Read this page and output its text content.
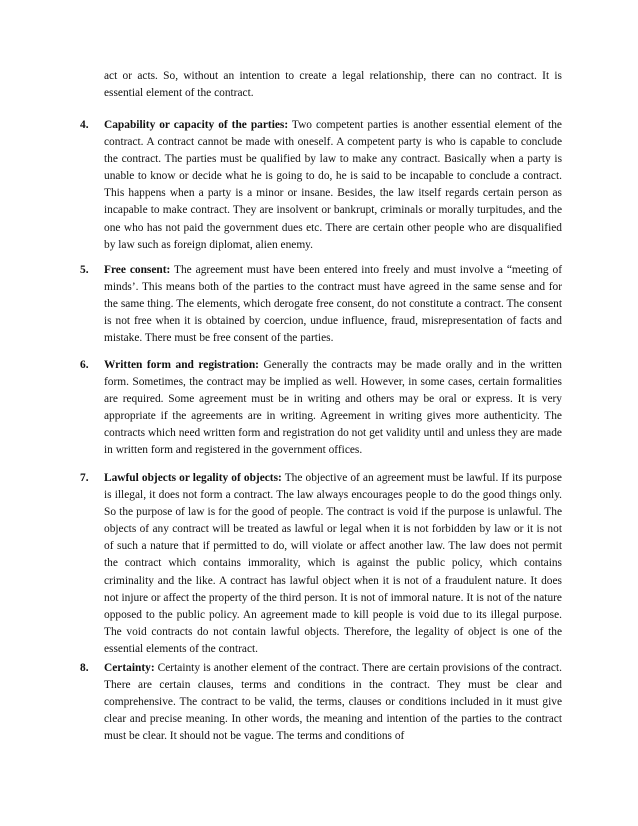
act or acts. So, without an intention to create a legal relationship, there can no contract. It is essential element of the contract.
4.	Capability or capacity of the parties: Two competent parties is another essential element of the contract. A contract cannot be made with oneself. A competent party is who is capable to conclude the contract. The parties must be qualified by law to make any contract. Basically when a party is unable to know or decide what he is going to do, he is said to be incapable to conclude a contract. This happens when a party is a minor or insane. Besides, the law itself regards certain person as incapable to make contract. They are insolvent or bankrupt, criminals or morally turpitudes, and the one who has not paid the government dues etc. There are certain other people who are disqualified by law such as foreign diplomat, alien enemy.
5.	Free consent: The agreement must have been entered into freely and must involve a “meeting of minds’. This means both of the parties to the contract must have agreed in the same sense and for the same thing. The elements, which derogate free consent, do not constitute a contract. The consent is not free when it is obtained by coercion, undue influence, fraud, misrepresentation of facts and mistake. There must be free consent of the parties.
6.	Written form and registration: Generally the contracts may be made orally and in the written form. Sometimes, the contract may be implied as well. However, in some cases, certain formalities are required. Some agreement must be in writing and others may be oral or express. It is very appropriate if the agreements are in writing. Agreement in writing gives more authenticity. The contracts which need written form and registration do not get validity until and unless they are made in written form and registered in the government offices.
7.	Lawful objects or legality of objects: The objective of an agreement must be lawful. If its purpose is illegal, it does not form a contract. The law always encourages people to do the good things only. So the purpose of law is for the good of people. The contract is void if the purpose is unlawful. The objects of any contract will be treated as lawful or legal when it is not forbidden by law or it is not of such a nature that if permitted to do, will violate or affect another law. The law does not permit the contract which contains immorality, which is against the public policy, which contains criminality and the like. A contract has lawful object when it is not of a fraudulent nature. It does not injure or affect the property of the third person. It is not of immoral nature. It is not of the nature opposed to the public policy. An agreement made to kill people is void due to its illegal purpose. The void contracts do not contain lawful objects. Therefore, the legality of object is one of the essential elements of the contract.
8.	Certainty: Certainty is another element of the contract. There are certain provisions of the contract. There are certain clauses, terms and conditions in the contract. They must be clear and comprehensive. The contract to be valid, the terms, clauses or conditions included in it must give clear and precise meaning. In other words, the meaning and intention of the parties to the contract must be clear. It should not be vague. The terms and conditions of
